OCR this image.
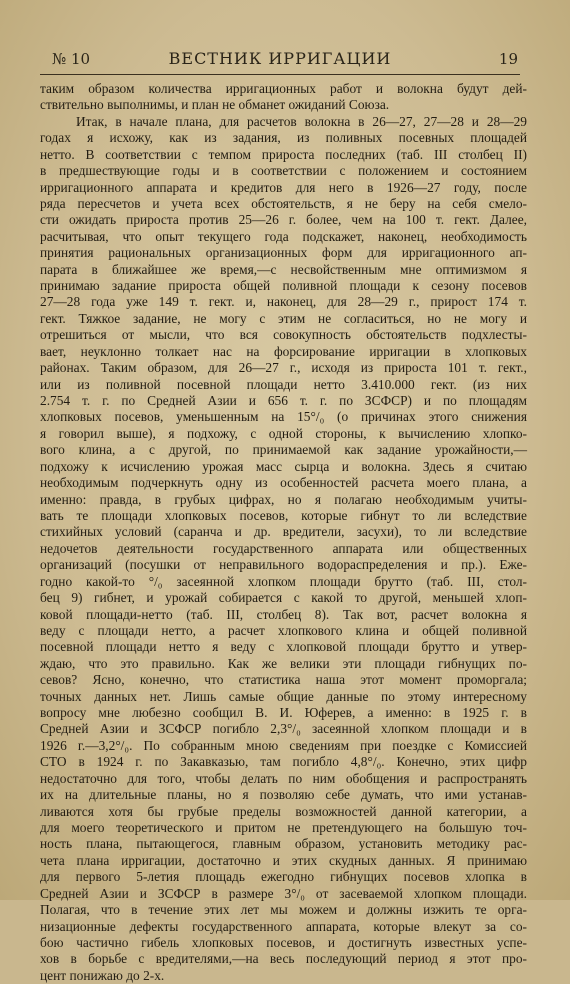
№ 10	ВЕСТНИК ИРРИГАЦИИ	19
таким образом количества ирригационных работ и волокна будут дей-
ствительно выполнимы, и план не обманет ожиданий Союза.
Итак, в начале плана, для расчетов волокна в 26—27, 27—28 и 28—29
годах я исхожу, как из задания, из поливных посевных площадей
нетто. В соответствии с темпом прироста последних (таб. III столбец II)
в предшествующие годы и в соответствии с положением и состоянием
ирригационного аппарата и кредитов для него в 1926—27 году, после
ряда пересчетов и учета всех обстоятельств, я не беру на себя смело-
сти ожидать прироста против 25—26 г. более, чем на 100 т. гект. Далее,
расчитывая, что опыт текущего года подскажет, наконец, необходимость
принятия рациональных организационных форм для ирригационного ап-
парата в ближайшее же время,—с несвойственным мне оптимизмом я
принимаю задание прироста общей поливной площади к сезону посевов
27—28 года уже 149 т. гект. и, наконец, для 28—29 г., прирост 174 т.
гект. Тяжкое задание, не могу с этим не согласиться, но не могу и
отрешиться от мысли, что вся совокупность обстоятельств подхлесты-
вает, неуклонно толкает нас на форсирование ирригации в хлопковых
районах. Таким образом, для 26—27 г., исходя из прироста 101 т. гект.,
или из поливной посевной площади нетто 3.410.000 гект. (из них
2.754 т. г. по Средней Азии и 656 т. г. по ЗСФСР) и по площадям
хлопковых посевов, уменьшенным на 15°/₀ (о причинах этого снижения
я говорил выше), я подхожу, с одной стороны, к вычислению хлопко-
вого клина, а с другой, по принимаемой как задание урожайности,—
подхожу к исчислению урожая масс сырца и волокна. Здесь я считаю
необходимым подчеркнуть одну из особенностей расчета моего плана, а
именно: правда, в грубых цифрах, но я полагаю необходимым учиты-
вать те площади хлопковых посевов, которые гибнут то ли вследствие
стихийных условий (саранча и др. вредители, засухи), то ли вследствие
недочетов деятельности государственного аппарата или общественных
организаций (посушки от неправильного водораспределения и пр.). Еже-
годно какой-то °/₀ засеянной хлопком площади брутто (таб. III, стол-
бец 9) гибнет, и урожай собирается с какой то другой, меньшей хлоп-
ковой площади-нетто (таб. III, столбец 8). Так вот, расчет волокна я
веду с площади нетто, а расчет хлопкового клина и общей поливной
посевной площади нетто я веду с хлопковой площади брутто и утвер-
ждаю, что это правильно. Как же велики эти площади гибнущих по-
севов? Ясно, конечно, что статистика наша этот момент проморгала;
точных данных нет. Лишь самые общие данные по этому интересному
вопросу мне любезно сообщил В. И. Юферев, а именно: в 1925 г. в
Средней Азии и ЗСФСР погибло 2,3°/₀ засеянной хлопком площади и в
1926 г.—3,2°/₀. По собранным мною сведениям при поездке с Комиссией
СТО в 1924 г. по Закавказью, там погибло 4,8°/₀. Конечно, этих цифр
недостаточно для того, чтобы делать по ним обобщения и распространять
их на длительные планы, но я позволяю себе думать, что ими устанав-
ливаются хотя бы грубые пределы возможностей данной категории, а
для моего теоретического и притом не претендующего на большую точ-
ность плана, пытающегося, главным образом, установить методику рас-
чета плана ирригации, достаточно и этих скудных данных. Я принимаю
для первого 5-летия площадь ежегодно гибнущих посевов хлопка в
Средней Азии и ЗСФСР в размере 3°/₀ от засеваемой хлопком площади.
Полагая, что в течение этих лет мы можем и должны изжить те орга-
низационные дефекты государственного аппарата, которые влекут за со-
бою частично гибель хлопковых посевов, и достигнуть известных успе-
хов в борьбе с вредителями,—на весь последующий период я этот про-
цент понижаю до 2-х.
